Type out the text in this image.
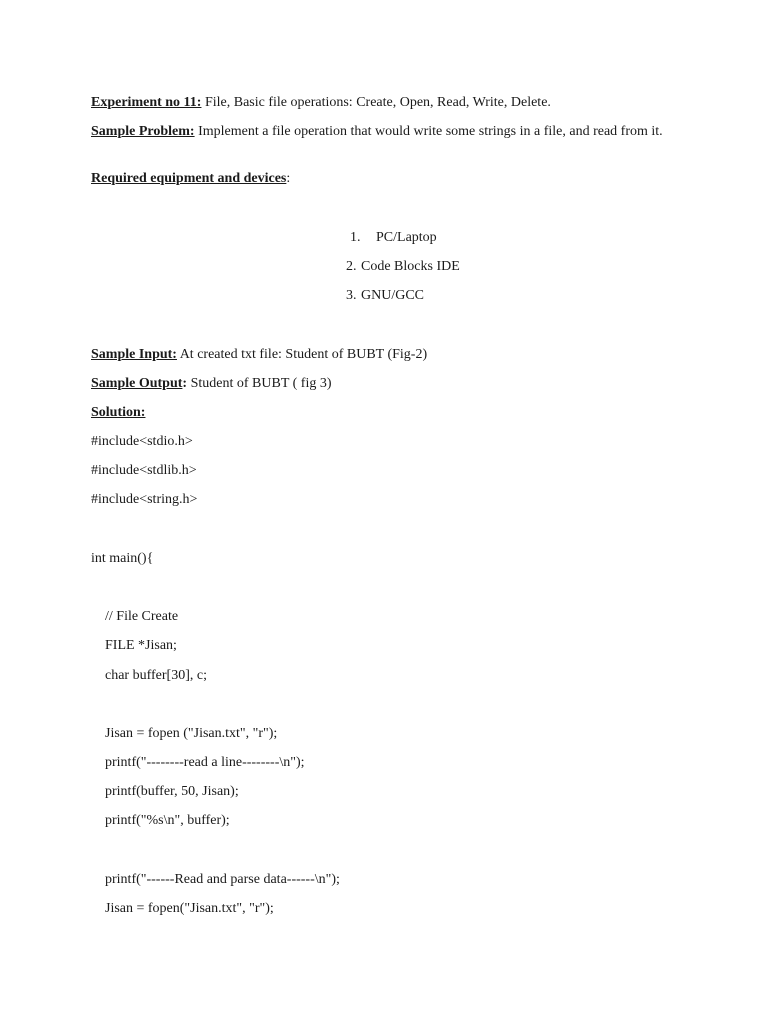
Experiment no 11: File, Basic file operations: Create, Open, Read, Write, Delete.
Sample Problem: Implement a file operation that would write some strings in a file, and read from it.
Required equipment and devices:
1. PC/Laptop
2. Code Blocks IDE
3. GNU/GCC
Sample Input: At created txt file: Student of BUBT (Fig-2)
Sample Output: Student of BUBT ( fig 3)
Solution:
#include<stdio.h>
#include<stdlib.h>
#include<string.h>
int main(){
// File Create
FILE *Jisan;
char buffer[30], c;
Jisan = fopen ("Jisan.txt", "r");
printf("--------read a line--------\n");
printf(buffer, 50, Jisan);
printf("%s\n", buffer);
printf("------Read and parse data------\n");
Jisan = fopen("Jisan.txt", "r");
